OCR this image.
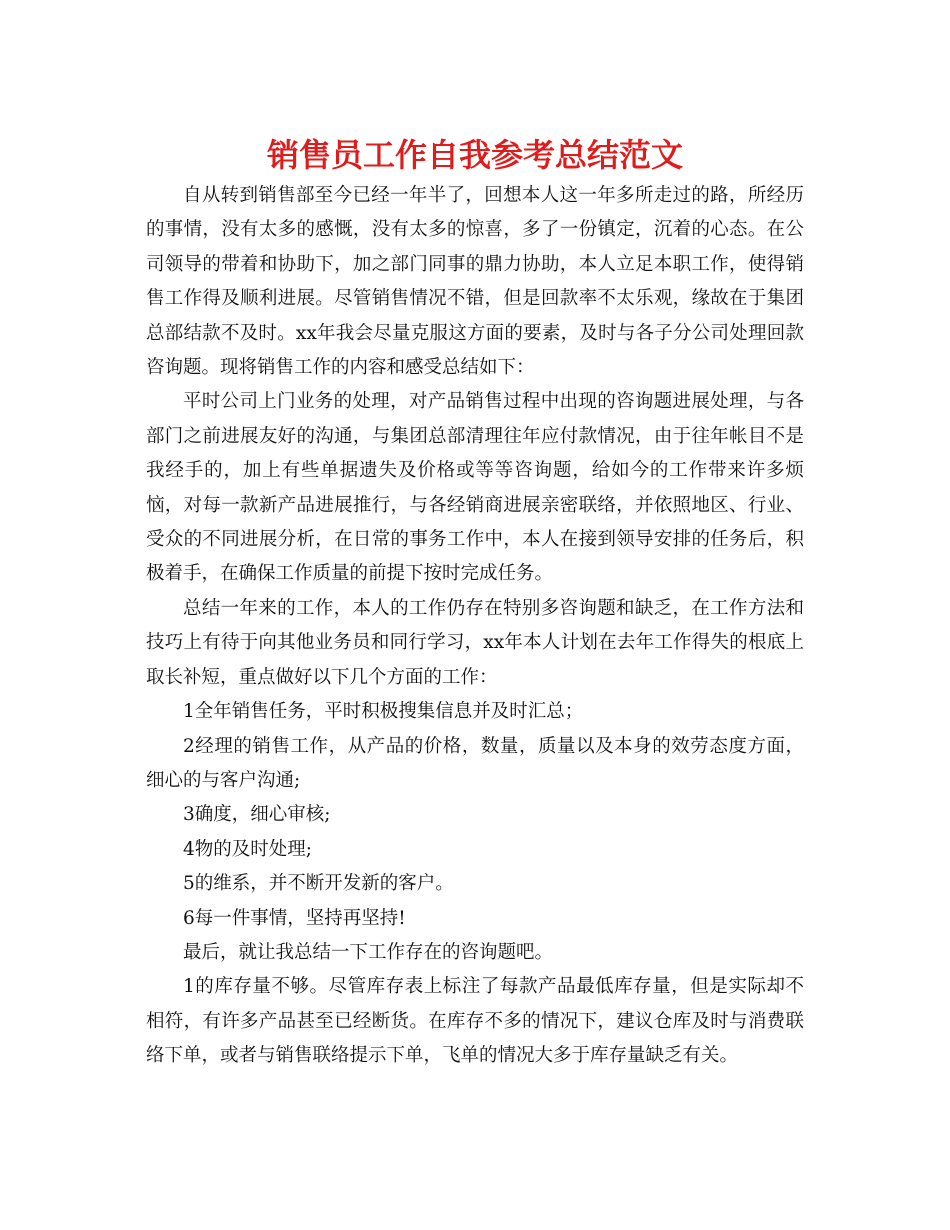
销售员工作自我参考总结范文

自从转到销售部至今已经一年半了，回想本人这一年多所走过的路，所经历的事情，没有太多的感慨，没有太多的惊喜，多了一份镇定，沉着的心态。在公司领导的带着和协助下，加之部门同事的鼎力协助，本人立足本职工作，使得销售工作得及顺利进展。尽管销售情况不错，但是回款率不太乐观，缘故在于集团总部结款不及时。xx年我会尽量克服这方面的要素，及时与各子分公司处理回款咨询题。现将销售工作的内容和感受总结如下：

平时公司上门业务的处理，对产品销售过程中出现的咨询题进展处理，与各部门之前进展友好的沟通，与集团总部清理往年应付款情况，由于往年帐目不是我经手的，加上有些单据遗失及价格或等等咨询题，给如今的工作带来许多烦恼，对每一款新产品进展推行，与各经销商进展亲密联络，并依照地区、行业、受众的不同进展分析，在日常的事务工作中，本人在接到领导安排的任务后，积极着手，在确保工作质量的前提下按时完成任务。

总结一年来的工作，本人的工作仍存在特别多咨询题和缺乏，在工作方法和技巧上有待于向其他业务员和同行学习，xx年本人计划在去年工作得失的根底上取长补短，重点做好以下几个方面的工作：

1全年销售任务，平时积极搜集信息并及时汇总；

2经理的销售工作，从产品的价格，数量，质量以及本身的效劳态度方面，细心的与客户沟通;

3确度，细心审核;

4物的及时处理;

5的维系，并不断开发新的客户。

6每一件事情，坚持再坚持!

最后，就让我总结一下工作存在的咨询题吧。

1的库存量不够。尽管库存表上标注了每款产品最低库存量，但是实际却不相符，有许多产品甚至已经断货。在库存不多的情况下，建议仓库及时与消费联络下单，或者与销售联络提示下单，飞单的情况大多于库存量缺乏有关。
